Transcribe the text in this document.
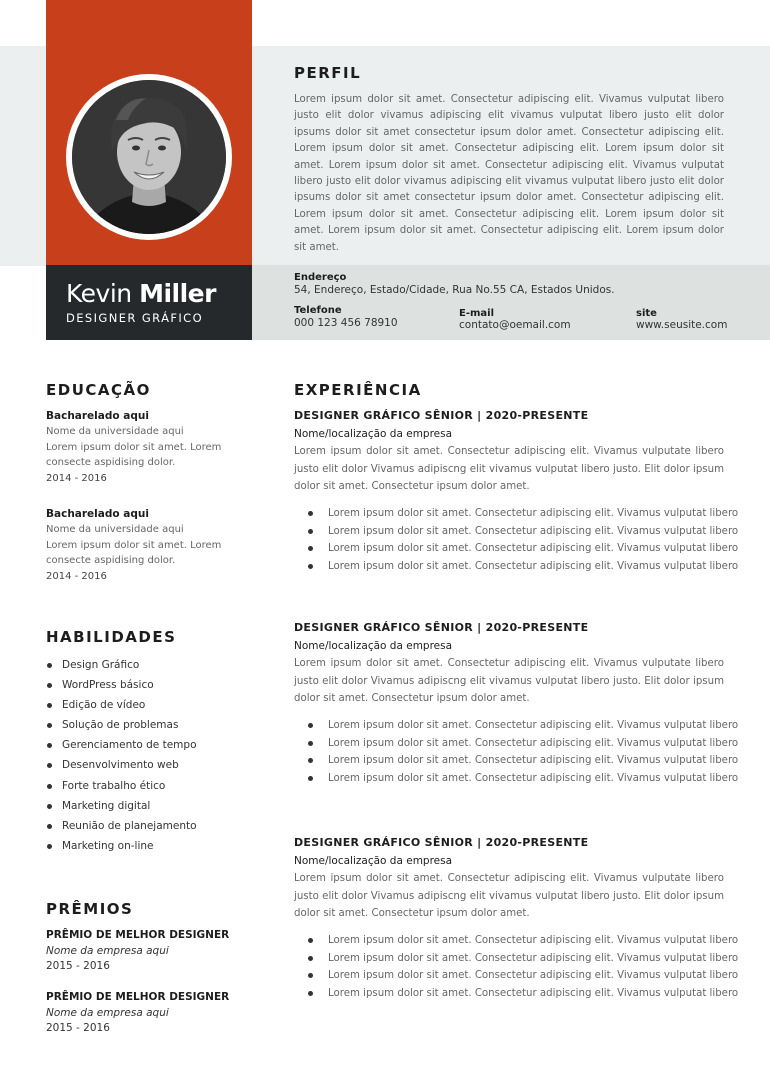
Kevin Miller
DESIGNER GRÁFICO
PERFIL
Lorem ipsum dolor sit amet. Consectetur adipiscing elit. Vivamus vulputat libero justo elit dolor vivamus adipiscing elit vivamus vulputat libero justo elit dolor ipsums dolor sit amet consectetur ipsum dolor amet. Consectetur adipiscing elit. Lorem ipsum dolor sit amet. Consectetur adipiscing elit. Lorem ipsum dolor sit amet. Lorem ipsum dolor sit amet. Consectetur adipiscing elit. Vivamus vulputat libero justo elit dolor vivamus adipiscing elit vivamus vulputat libero justo elit dolor ipsums dolor sit amet consectetur ipsum dolor amet. Consectetur adipiscing elit. Lorem ipsum dolor sit amet. Consectetur adipiscing elit. Lorem ipsum dolor sit amet. Lorem ipsum dolor sit amet. Consectetur adipiscing elit. Lorem ipsum dolor sit amet.
Endereço
54, Endereço, Estado/Cidade, Rua No.55 CA, Estados Unidos.
Telefone
000 123 456 78910
E-mail
contato@oemail.com
site
www.seusite.com
EDUCAÇÃO
Bacharelado aqui
Nome da universidade aqui
Lorem ipsum dolor sit amet. Lorem
consecte aspidising dolor.
2014 - 2016
Bacharelado aqui
Nome da universidade aqui
Lorem ipsum dolor sit amet. Lorem
consecte aspidising dolor.
2014 - 2016
HABILIDADES
Design Gráfico
WordPress básico
Edição de vídeo
Solução de problemas
Gerenciamento de tempo
Desenvolvimento web
Forte trabalho ético
Marketing digital
Reunião de planejamento
Marketing on-line
PRÊMIOS
PRÊMIO DE MELHOR DESIGNER
Nome da empresa aqui
2015 - 2016
PRÊMIO DE MELHOR DESIGNER
Nome da empresa aqui
2015 - 2016
EXPERIÊNCIA
DESIGNER GRÁFICO SÊNIOR | 2020-PRESENTE
Nome/localização da empresa
Lorem ipsum dolor sit amet. Consectetur adipiscing elit. Vivamus vulputate libero justo elit dolor Vivamus adipiscng elit vivamus vulputat libero justo. Elit dolor ipsum dolor sit amet. Consectetur ipsum dolor amet.
Lorem ipsum dolor sit amet. Consectetur adipiscing elit. Vivamus vulputat libero
Lorem ipsum dolor sit amet. Consectetur adipiscing elit. Vivamus vulputat libero
Lorem ipsum dolor sit amet. Consectetur adipiscing elit. Vivamus vulputat libero
Lorem ipsum dolor sit amet. Consectetur adipiscing elit. Vivamus vulputat libero
DESIGNER GRÁFICO SÊNIOR | 2020-PRESENTE
Nome/localização da empresa
Lorem ipsum dolor sit amet. Consectetur adipiscing elit. Vivamus vulputate libero justo elit dolor Vivamus adipiscng elit vivamus vulputat libero justo. Elit dolor ipsum dolor sit amet. Consectetur ipsum dolor amet.
Lorem ipsum dolor sit amet. Consectetur adipiscing elit. Vivamus vulputat libero
Lorem ipsum dolor sit amet. Consectetur adipiscing elit. Vivamus vulputat libero
Lorem ipsum dolor sit amet. Consectetur adipiscing elit. Vivamus vulputat libero
Lorem ipsum dolor sit amet. Consectetur adipiscing elit. Vivamus vulputat libero
DESIGNER GRÁFICO SÊNIOR | 2020-PRESENTE
Nome/localização da empresa
Lorem ipsum dolor sit amet. Consectetur adipiscing elit. Vivamus vulputate libero justo elit dolor Vivamus adipiscng elit vivamus vulputat libero justo. Elit dolor ipsum dolor sit amet. Consectetur ipsum dolor amet.
Lorem ipsum dolor sit amet. Consectetur adipiscing elit. Vivamus vulputat libero
Lorem ipsum dolor sit amet. Consectetur adipiscing elit. Vivamus vulputat libero
Lorem ipsum dolor sit amet. Consectetur adipiscing elit. Vivamus vulputat libero
Lorem ipsum dolor sit amet. Consectetur adipiscing elit. Vivamus vulputat libero
